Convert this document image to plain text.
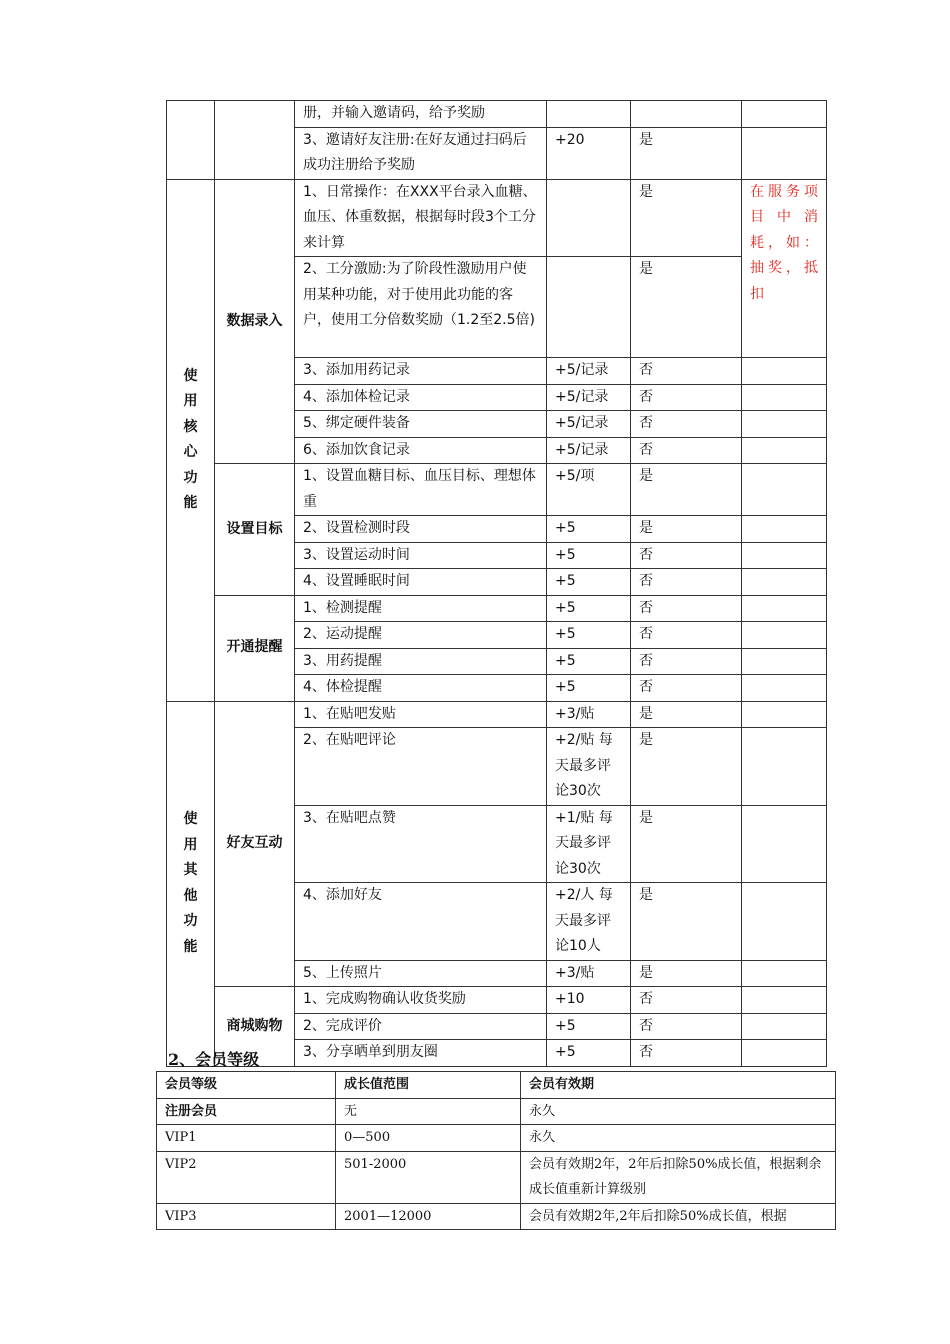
		册，并输入邀请码，给予奖励			
		3、邀请好友注册:在好友通过扫码后成功注册给予奖励	+20	是	
使用核心功能	数据录入	1、日常操作：在XXX平台录入血糖、血压、体重数据，根据每时段3个工分来计算		是	在服务项目中消耗，如：抽奖，抵扣
		2、工分激励:为了阶段性激励用户使用某种功能，对于使用此功能的客户，使用工分倍数奖励（1.2至2.5倍)		是	
		3、添加用药记录	+5/记录	否	
		4、添加体检记录	+5/记录	否	
		5、绑定硬件装备	+5/记录	否	
		6、添加饮食记录	+5/记录	否	
	设置目标	1、设置血糖目标、血压目标、理想体重	+5/项	是	
		2、设置检测时段	+5	是	
		3、设置运动时间	+5	否	
		4、设置睡眠时间	+5	否	
	开通提醒	1、检测提醒	+5	否	
		2、运动提醒	+5	否	
		3、用药提醒	+5	否	
		4、体检提醒	+5	否	
使用其他功能	好友互动	1、在贴吧发贴	+3/贴	是	
		2、在贴吧评论	+2/贴 每天最多评论30次	是	
		3、在贴吧点赞	+1/贴 每天最多评论30次	是	
		4、添加好友	+2/人 每天最多评论10人	是	
		5、上传照片	+3/贴	是	
	商城购物	1、完成购物确认收货奖励	+10	否	
		2、完成评价	+5	否	
		3、分享晒单到朋友圈	+5	否	
2、会员等级
会员等级	成长值范围	会员有效期
注册会员	无	永久
VIP1	0—500	永久
VIP2	501-2000	会员有效期2年，2年后扣除50%成长值，根据剩余成长值重新计算级别
VIP3	2001—12000	会员有效期2年,2年后扣除50%成长值，根据
